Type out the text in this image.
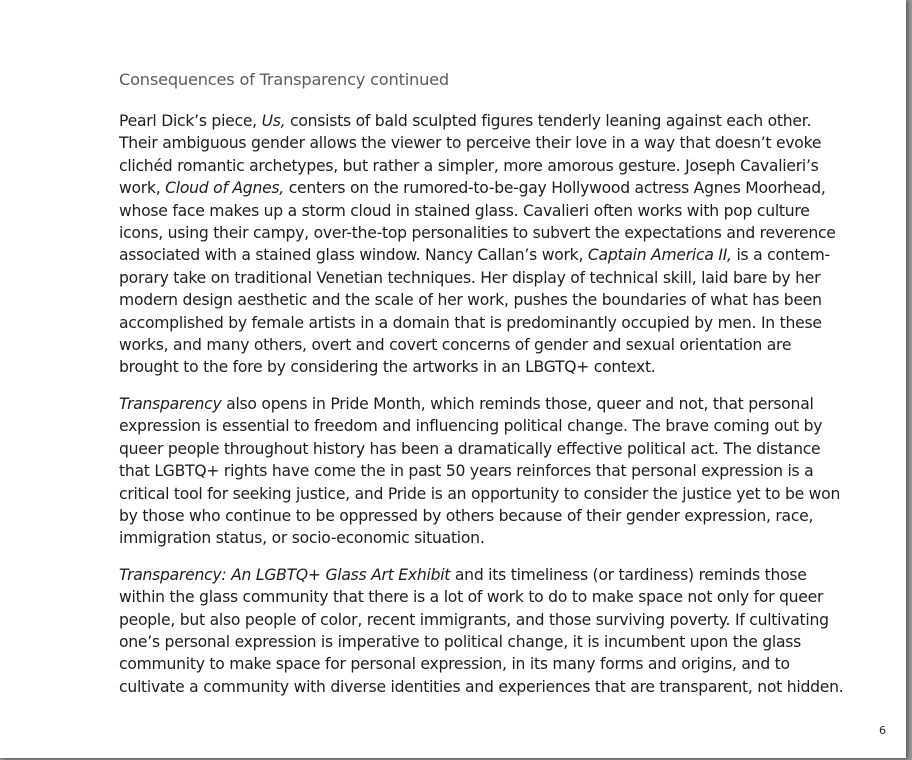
Consequences of Transparency continued

Pearl Dick’s piece, Us, consists of bald sculpted figures tenderly leaning against each other.
Their ambiguous gender allows the viewer to perceive their love in a way that doesn’t evoke
clichéd romantic archetypes, but rather a simpler, more amorous gesture. Joseph Cavalieri’s
work, Cloud of Agnes, centers on the rumored-to-be-gay Hollywood actress Agnes Moorhead,
whose face makes up a storm cloud in stained glass. Cavalieri often works with pop culture
icons, using their campy, over-the-top personalities to subvert the expectations and reverence
associated with a stained glass window. Nancy Callan’s work, Captain America II, is a contem-
porary take on traditional Venetian techniques. Her display of technical skill, laid bare by her
modern design aesthetic and the scale of her work, pushes the boundaries of what has been
accomplished by female artists in a domain that is predominantly occupied by men. In these
works, and many others, overt and covert concerns of gender and sexual orientation are
brought to the fore by considering the artworks in an LBGTQ+ context.

Transparency also opens in Pride Month, which reminds those, queer and not, that personal
expression is essential to freedom and influencing political change. The brave coming out by
queer people throughout history has been a dramatically effective political act. The distance
that LGBTQ+ rights have come the in past 50 years reinforces that personal expression is a
critical tool for seeking justice, and Pride is an opportunity to consider the justice yet to be won
by those who continue to be oppressed by others because of their gender expression, race,
immigration status, or socio-economic situation.

Transparency: An LGBTQ+ Glass Art Exhibit and its timeliness (or tardiness) reminds those
within the glass community that there is a lot of work to do to make space not only for queer
people, but also people of color, recent immigrants, and those surviving poverty. If cultivating
one’s personal expression is imperative to political change, it is incumbent upon the glass
community to make space for personal expression, in its many forms and origins, and to
cultivate a community with diverse identities and experiences that are transparent, not hidden.

6
